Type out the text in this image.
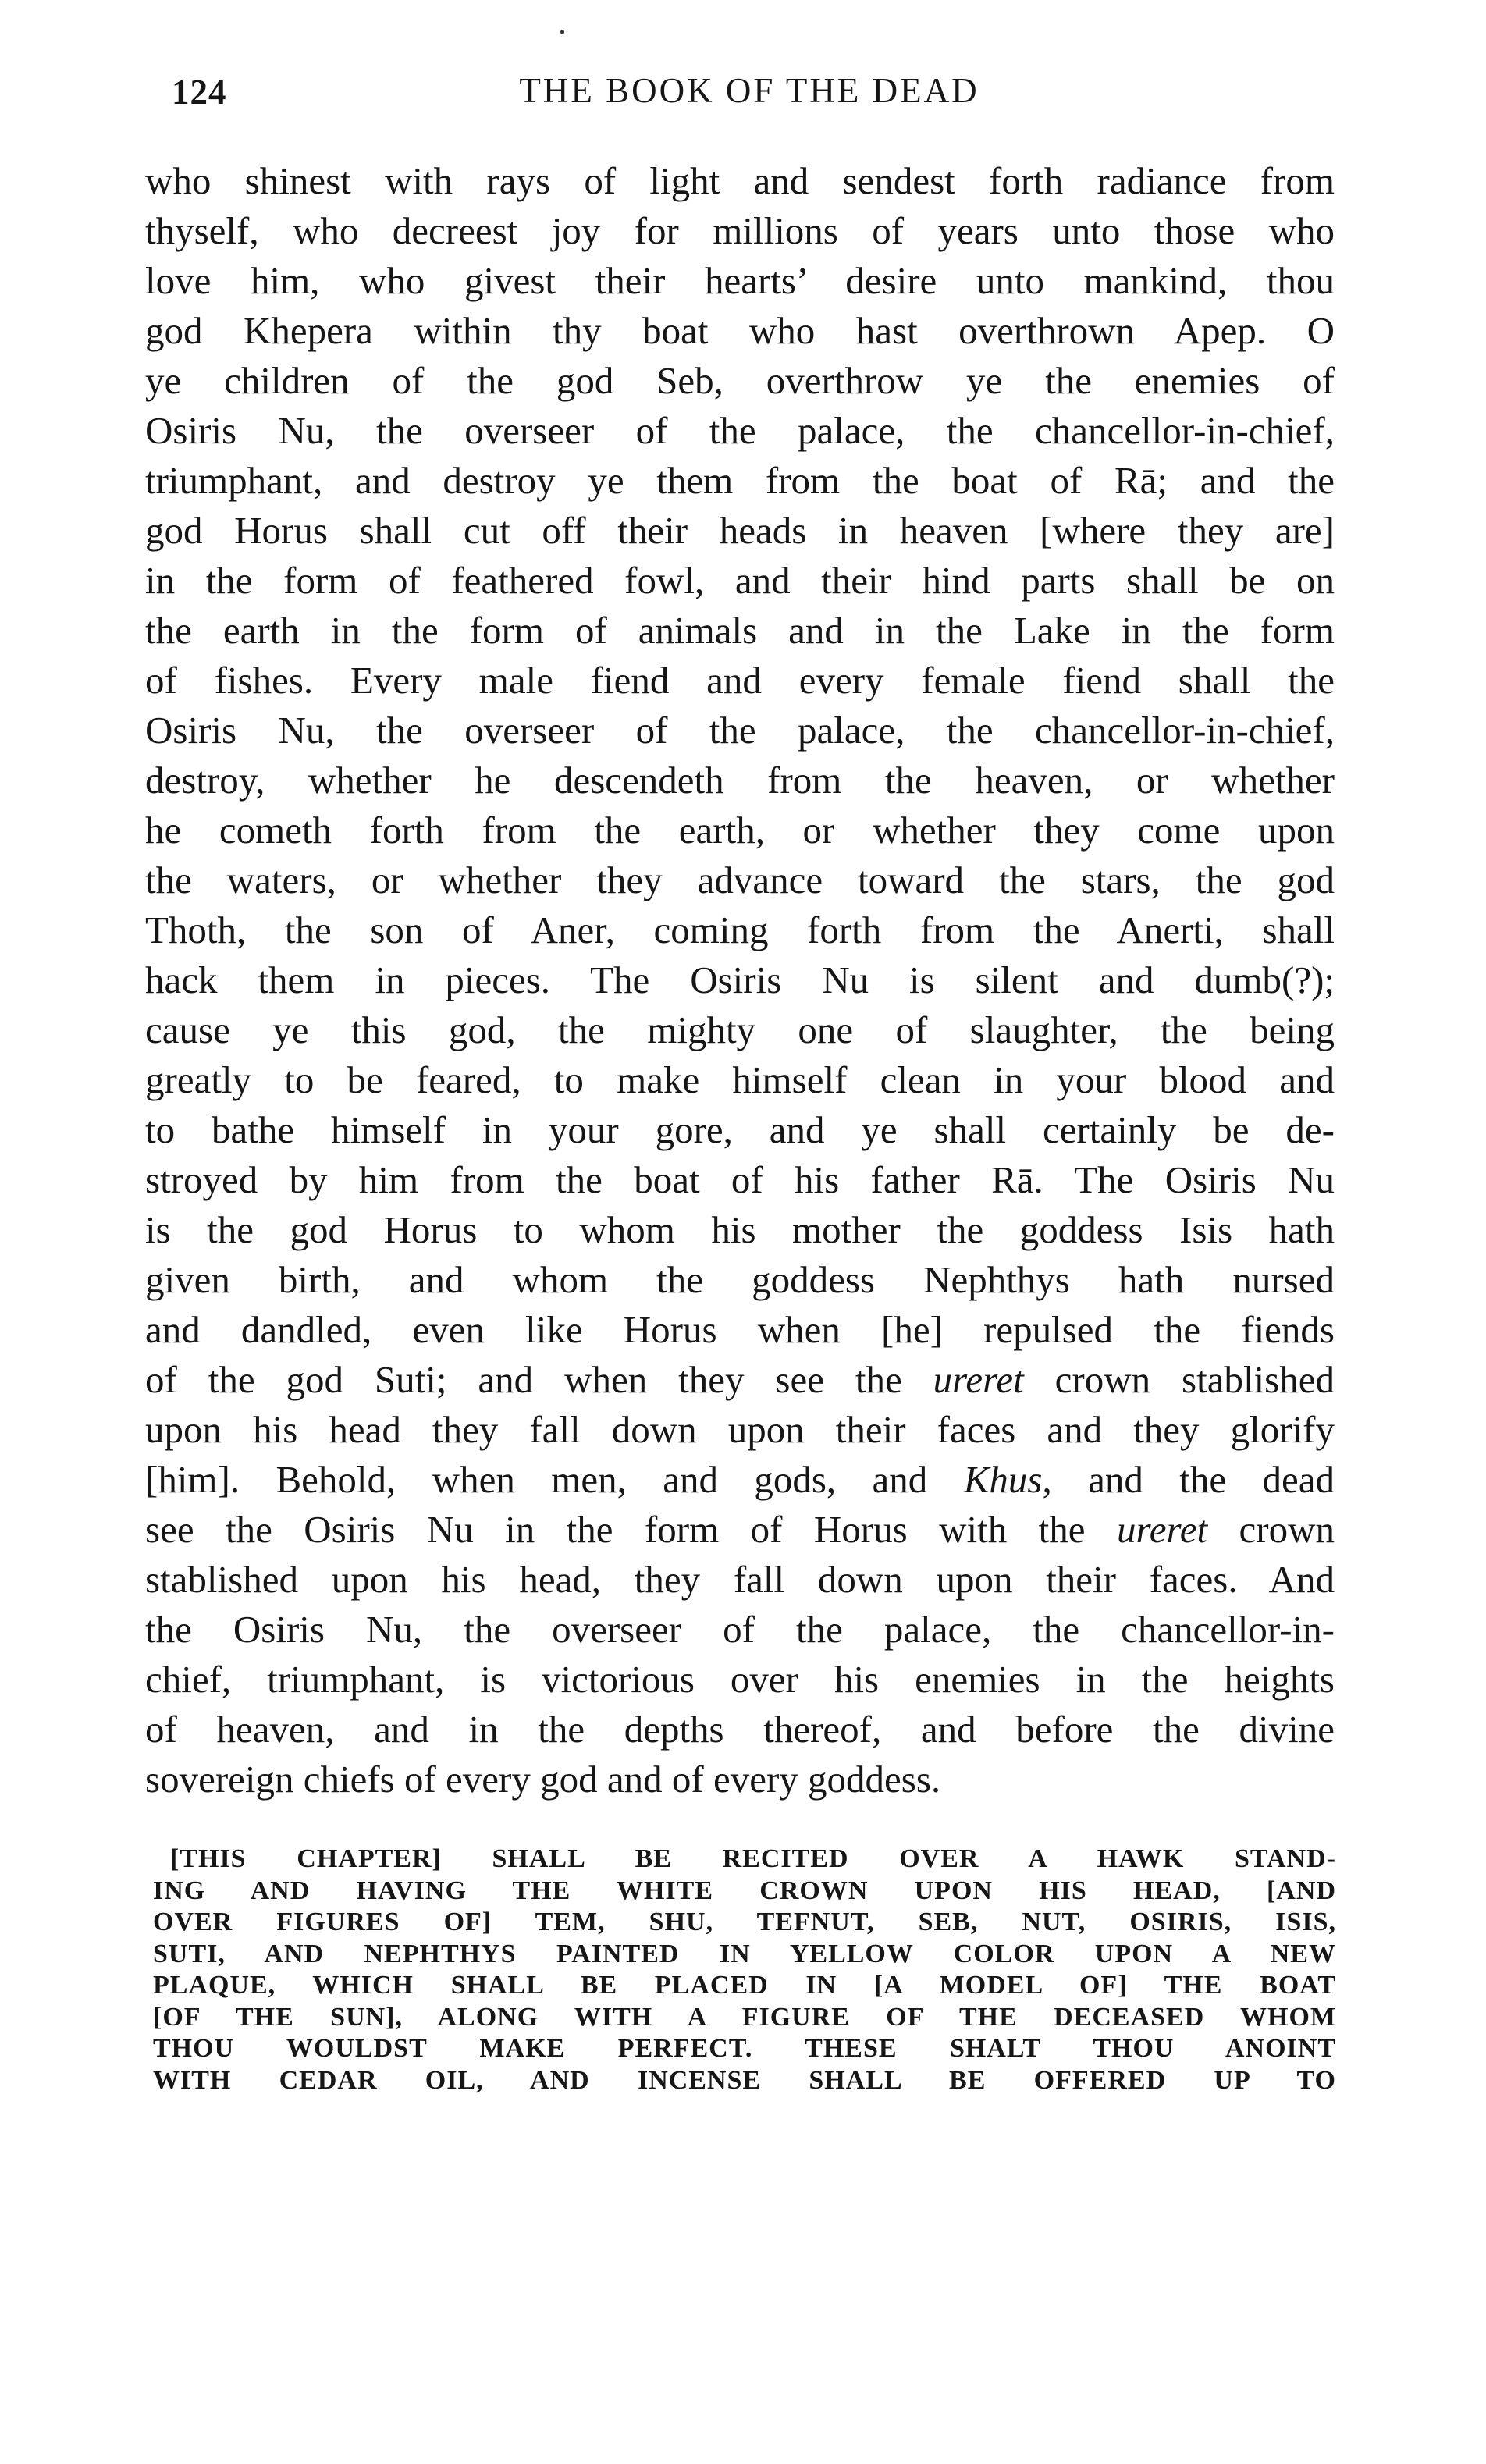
124	THE BOOK OF THE DEAD
who shinest with rays of light and sendest forth radiance from
thyself, who decreest joy for millions of years unto those who
love him, who givest their hearts’ desire unto mankind, thou
god Khepera within thy boat who hast overthrown Apep. O
ye children of the god Seb, overthrow ye the enemies of
Osiris Nu, the overseer of the palace, the chancellor-in-chief,
triumphant, and destroy ye them from the boat of Rā; and the
god Horus shall cut off their heads in heaven [where they are]
in the form of feathered fowl, and their hind parts shall be on
the earth in the form of animals and in the Lake in the form
of fishes. Every male fiend and every female fiend shall the
Osiris Nu, the overseer of the palace, the chancellor-in-chief,
destroy, whether he descendeth from the heaven, or whether
he cometh forth from the earth, or whether they come upon
the waters, or whether they advance toward the stars, the god
Thoth, the son of Aner, coming forth from the Anerti, shall
hack them in pieces. The Osiris Nu is silent and dumb(?);
cause ye this god, the mighty one of slaughter, the being
greatly to be feared, to make himself clean in your blood and
to bathe himself in your gore, and ye shall certainly be de-
stroyed by him from the boat of his father Rā. The Osiris Nu
is the god Horus to whom his mother the goddess Isis hath
given birth, and whom the goddess Nephthys hath nursed
and dandled, even like Horus when [he] repulsed the fiends
of the god Suti; and when they see the ureret crown stablished
upon his head they fall down upon their faces and they glorify
[him]. Behold, when men, and gods, and Khus, and the dead
see the Osiris Nu in the form of Horus with the ureret crown
stablished upon his head, they fall down upon their faces. And
the Osiris Nu, the overseer of the palace, the chancellor-in-
chief, triumphant, is victorious over his enemies in the heights
of heaven, and in the depths thereof, and before the divine
sovereign chiefs of every god and of every goddess.
[THIS CHAPTER] SHALL BE RECITED OVER A HAWK STAND-
ING AND HAVING THE WHITE CROWN UPON HIS HEAD, [AND
OVER FIGURES OF] TEM, SHU, TEFNUT, SEB, NUT, OSIRIS, ISIS,
SUTI, AND NEPHTHYS PAINTED IN YELLOW COLOR UPON A NEW
PLAQUE, WHICH SHALL BE PLACED IN [A MODEL OF] THE BOAT
[OF THE SUN], ALONG WITH A FIGURE OF THE DECEASED WHOM
THOU WOULDST MAKE PERFECT. THESE SHALT THOU ANOINT
WITH CEDAR OIL, AND INCENSE SHALL BE OFFERED UP TO
